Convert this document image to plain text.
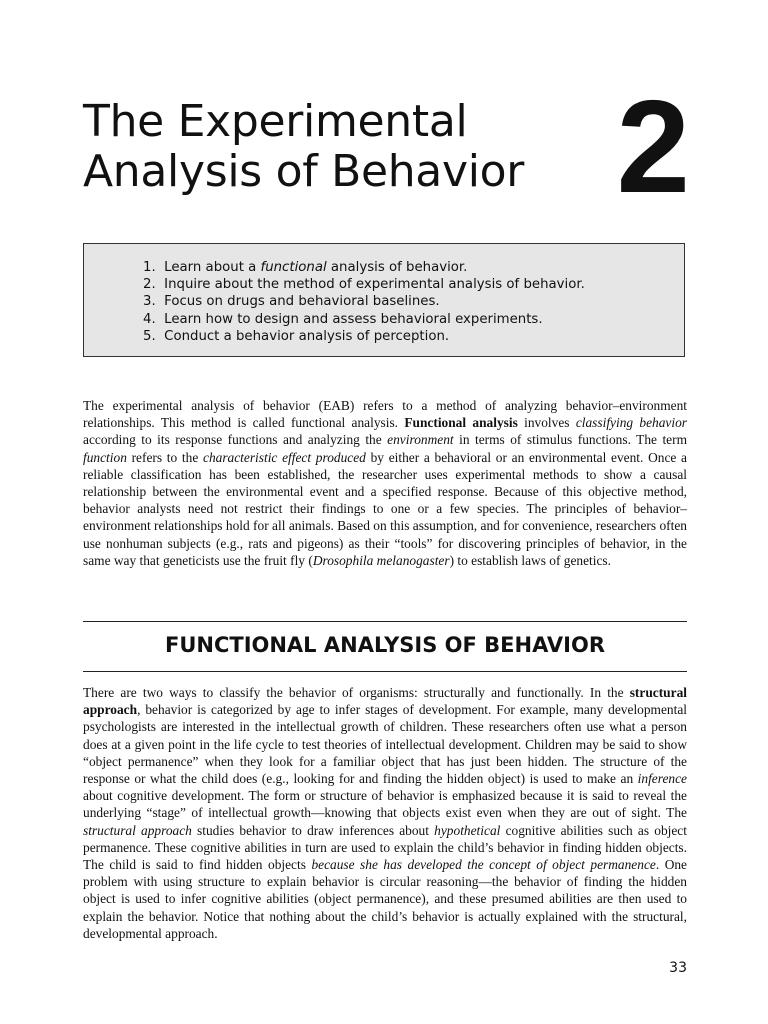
The Experimental
Analysis of Behavior 2
1. Learn about a functional analysis of behavior.
2. Inquire about the method of experimental analysis of behavior.
3. Focus on drugs and behavioral baselines.
4. Learn how to design and assess behavioral experiments.
5. Conduct a behavior analysis of perception.

The experimental analysis of behavior (EAB) refers to a method of analyzing behavior–environment relationships. This method is called functional analysis. Functional analysis involves classifying behavior according to its response functions and analyzing the environment in terms of stimulus functions. The term function refers to the characteristic effect produced by either a behavioral or an environmental event. Once a reliable classification has been established, the researcher uses experimental methods to show a causal relationship between the environmental event and a specified response. Because of this objective method, behavior analysts need not restrict their findings to one or a few species. The principles of behavior–environment relationships hold for all animals. Based on this assumption, and for convenience, researchers often use nonhuman subjects (e.g., rats and pigeons) as their “tools” for discovering principles of behavior, in the same way that geneticists use the fruit fly (Drosophila melanogaster) to establish laws of genetics.

FUNCTIONAL ANALYSIS OF BEHAVIOR

There are two ways to classify the behavior of organisms: structurally and functionally. In the structural approach, behavior is categorized by age to infer stages of development. For example, many developmental psychologists are interested in the intellectual growth of children. These researchers often use what a person does at a given point in the life cycle to test theories of intellectual development. Children may be said to show “object permanence” when they look for a familiar object that has just been hidden. The structure of the response or what the child does (e.g., looking for and finding the hidden object) is used to make an inference about cognitive development. The form or structure of behavior is emphasized because it is said to reveal the underlying “stage” of intellectual growth—knowing that objects exist even when they are out of sight. The structural approach studies behavior to draw inferences about hypothetical cognitive abilities such as object permanence. These cognitive abilities in turn are used to explain the child’s behavior in finding hidden objects. The child is said to find hidden objects because she has developed the concept of object permanence. One problem with using structure to explain behavior is circular reasoning—the behavior of finding the hidden object is used to infer cognitive abilities (object permanence), and these presumed abilities are then used to explain the behavior. Notice that nothing about the child’s behavior is actually explained with the structural, developmental approach.

33
